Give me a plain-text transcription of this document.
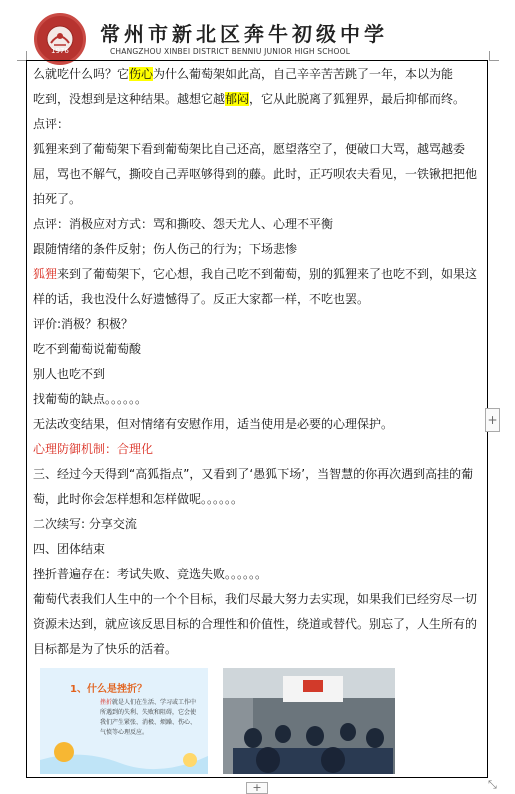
1976
常州市新北区奔牛初级中学
CHANGZHOU XINBEI DISTRICT BENNIU JUNIOR HIGH SCHOOL

么就吃什么吗？它伤心为什么葡萄架如此高，自己辛辛苦苦跳了一年，本以为能

吃到，没想到是这种结果。越想它越郁闷，它从此脱离了狐狸界，最后抑郁而终。

点评：

狐狸来到了葡萄架下看到葡萄架比自己还高，愿望落空了，便破口大骂，越骂越委屈，骂也不解气，撕咬自己弄呕够得到的藤。此时，正巧呗农夫看见，一铁锹把把他拍死了。

点评：消极应对方式：骂和撕咬、怨天尤人、心理不平衡

跟随情绪的条件反射；伤人伤己的行为；下场悲惨

狐狸来到了葡萄架下，它心想，我自己吃不到葡萄，别的狐狸来了也吃不到，如果这样的话，我也没什么好遗憾得了。反正大家都一样，不吃也罢。

评价:消极？积极？

吃不到葡萄说葡萄酸

别人也吃不到

找葡萄的缺点。。。。。。

无法改变结果，但对情绪有安慰作用，适当使用是必要的心理保护。

心理防御机制：合理化

三、经过今天得到“高狐指点”，又看到了‘愚狐下场’，当智慧的你再次遇到高挂的葡萄，此时你会怎样想和怎样做呢。。。。。。

二次续写: 分享交流

四、团体结束

挫折普遍存在：考试失败、竞选失败。。。。。。

葡萄代表我们人生中的一个个目标，我们尽最大努力去实现，如果我们已经穷尽一切资源未达到，就应该反思目标的合理性和价值性，绕道或替代。别忘了，人生所有的目标都是为了快乐的活着。

1、什么是挫折？
挫折就是人们在生活、学习或工作中所遇到的失利、失败和阻碍，它会使我们产生紧张、消极、烦躁、伤心、气愤等心理反应。
+
+	⤡
